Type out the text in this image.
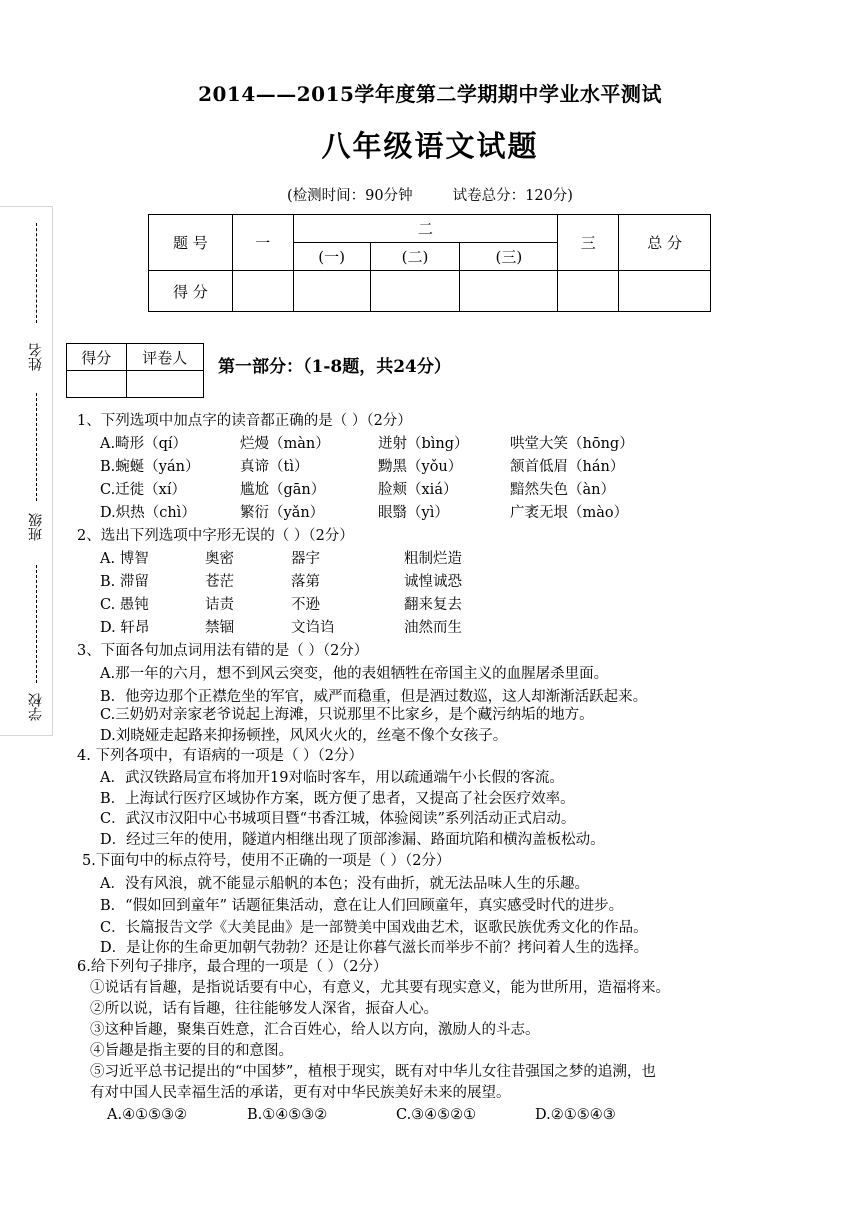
姓名
班级
学校
2014——2015学年度第二学期期中学业水平测试
八年级语文试题
(检测时间：90分钟	试卷总分：120分)
题 号	一	二			三	总 分
		(一)	(二)	(三)		
得 分						
得分	评卷人
	第一部分：（1-8题，共24分）
1、下列选项中加点字的读音都正确的是（ ）（2分）
A.畸形（qí）	烂熳（màn）	迸射（bìng）	哄堂大笑（hōng）
B.蜿蜒（yán）	真谛（tì）	黝黑（yǒu）	颔首低眉（hán）
C.迁徙（xí）	尴尬（gān）	脸颊（xiá）	黯然失色（àn）
D.炽热（chì）	繁衍（yǎn）	眼翳（yì）	广袤无垠（mào）
2、选出下列选项中字形无误的（ ）（2分）
A. 博智	奥密	器宇	粗制烂造
B. 滞留	苍茫	落第	诚惶诚恐
C. 愚钝	诘责	不逊	翻来复去
D. 轩昂	禁锢	文诌诌	油然而生
3、下面各句加点词用法有错的是（ ）（2分）
A.那一年的六月，想不到风云突变，他的表姐牺牲在帝国主义的血腥屠杀里面。
B．他旁边那个正襟危坐的军官，威严而稳重，但是酒过数巡，这人却渐渐活跃起来。
C.三奶奶对亲家老爷说起上海滩，只说那里不比家乡，是个藏污纳垢的地方。
D.刘晓娅走起路来抑扬顿挫，风风火火的，丝毫不像个女孩子。
4. 下列各项中，有语病的一项是（ ）（2分）
A．武汉铁路局宣布将加开19对临时客车，用以疏通端午小长假的客流。
B．上海试行医疗区域协作方案，既方便了患者，又提高了社会医疗效率。
C．武汉市汉阳中心书城项目暨“书香江城，体验阅读”系列活动正式启动。
D．经过三年的使用，隧道内相继出现了顶部渗漏、路面坑陷和横沟盖板松动。
5.下面句中的标点符号，使用不正确的一项是（ ）（2分）
A．没有风浪，就不能显示船帆的本色；没有曲折，就无法品味人生的乐趣。
B．“假如回到童年” 话题征集活动，意在让人们回顾童年，真实感受时代的进步。
C．长篇报告文学《大美昆曲》是一部赞美中国戏曲艺术，讴歌民族优秀文化的作品。
D．是让你的生命更加朝气勃勃？还是让你暮气滋长而举步不前？拷问着人生的选择。
6.给下列句子排序，最合理的一项是（ ）（2分）
①说话有旨趣，是指说话要有中心，有意义，尤其要有现实意义，能为世所用，造福将来。
②所以说，话有旨趣，往往能够发人深省，振奋人心。
③这种旨趣，聚集百姓意，汇合百姓心，给人以方向，激励人的斗志。
④旨趣是指主要的目的和意图。
⑤习近平总书记提出的“中国梦”，植根于现实，既有对中华儿女往昔强国之梦的追溯，也
有对中国人民幸福生活的承诺，更有对中华民族美好未来的展望。
A.④①⑤③②	B.①④⑤③②	C.③④⑤②①	D.②①⑤④③
